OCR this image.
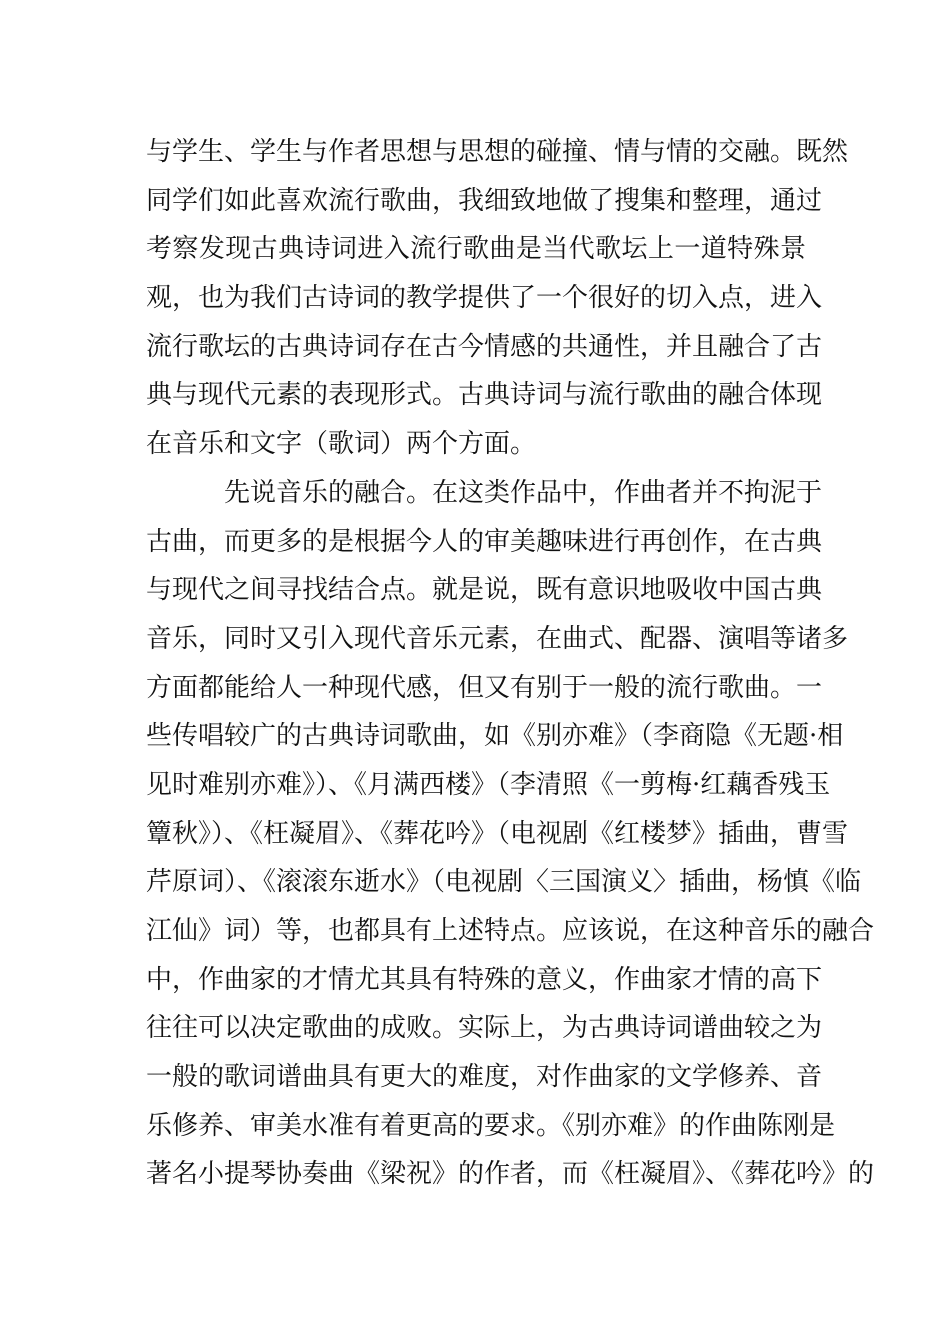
与学生、学生与作者思想与思想的碰撞、情与情的交融。既然
同学们如此喜欢流行歌曲，我细致地做了搜集和整理，通过
考察发现古典诗词进入流行歌曲是当代歌坛上一道特殊景
观，也为我们古诗词的教学提供了一个很好的切入点，进入
流行歌坛的古典诗词存在古今情感的共通性，并且融合了古
典与现代元素的表现形式。古典诗词与流行歌曲的融合体现
在音乐和文字（歌词）两个方面。
先说音乐的融合。在这类作品中，作曲者并不拘泥于
古曲，而更多的是根据今人的审美趣味进行再创作，在古典
与现代之间寻找结合点。就是说，既有意识地吸收中国古典
音乐，同时又引入现代音乐元素，在曲式、配器、演唱等诸多
方面都能给人一种现代感，但又有别于一般的流行歌曲。一
些传唱较广的古典诗词歌曲，如《别亦难》（李商隐《无题·相
见时难别亦难》）、《月满西楼》（李清照《一剪梅·红藕香残玉
簟秋》）、《枉凝眉》、《葬花吟》（电视剧《红楼梦》插曲，曹雪
芹原词）、《滚滚东逝水》（电视剧〈三国演义〉插曲，杨慎《临
江仙》词）等，也都具有上述特点。应该说，在这种音乐的融合
中，作曲家的才情尤其具有特殊的意义，作曲家才情的高下
往往可以决定歌曲的成败。实际上，为古典诗词谱曲较之为
一般的歌词谱曲具有更大的难度，对作曲家的文学修养、音
乐修养、审美水准有着更高的要求。《别亦难》的作曲陈刚是
著名小提琴协奏曲《梁祝》的作者，而《枉凝眉》、《葬花吟》的
